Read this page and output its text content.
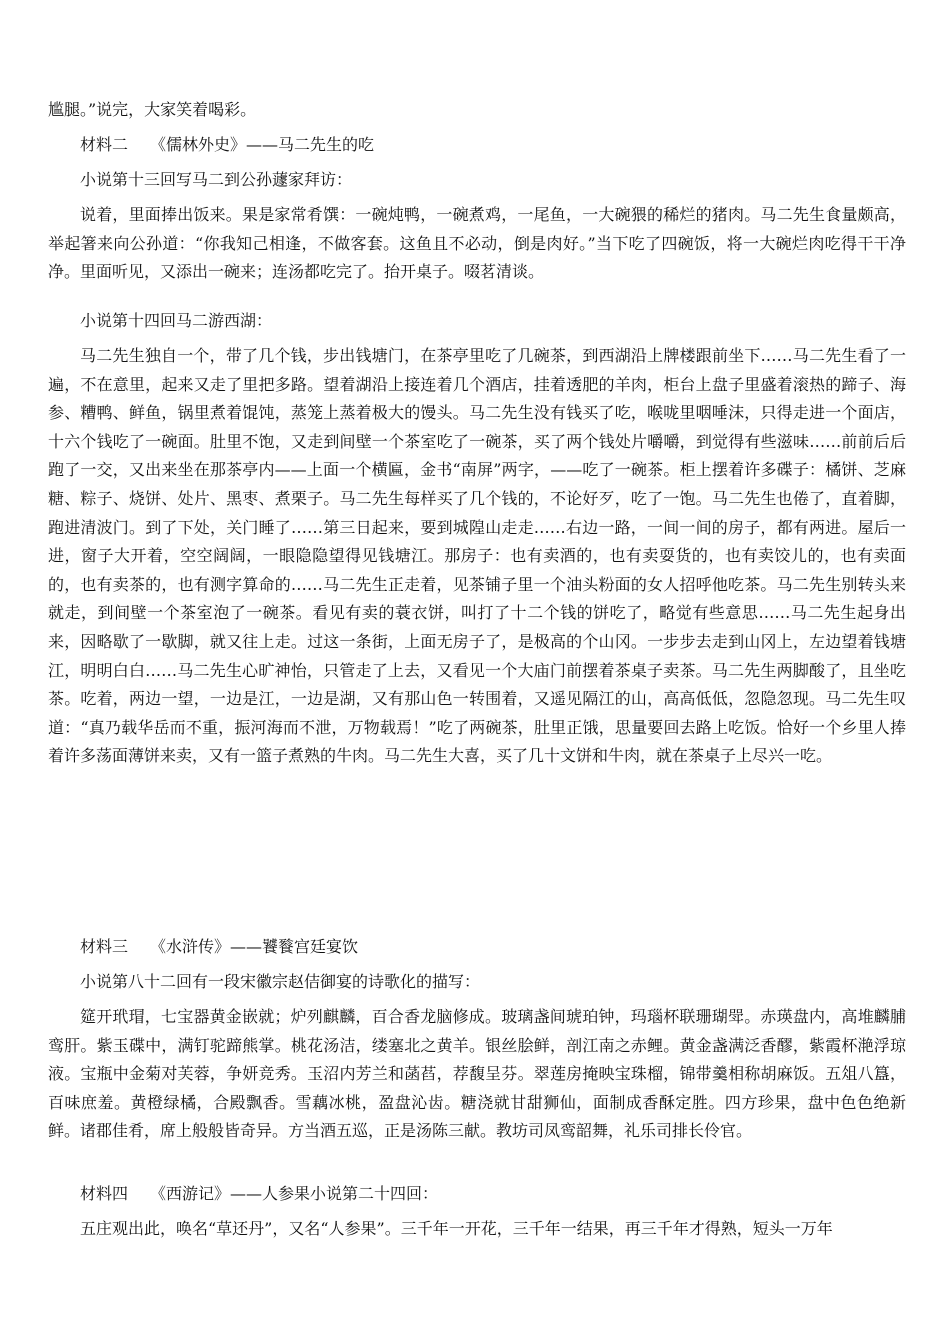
尴腿。”说完，大家笑着喝彩。

材料二 《儒林外史》——马二先生的吃

小说第十三回写马二到公孙蘧家拜访：

说着，里面捧出饭来。果是家常肴馔：一碗炖鸭，一碗煮鸡，一尾鱼，一大碗猥的稀烂的猪肉。马二先生食量颇高，举起箸来向公孙道：“你我知己相逢，不做客套。这鱼且不必动，倒是肉好。”当下吃了四碗饭，将一大碗烂肉吃得干干净净。里面听见，又添出一碗来；连汤都吃完了。抬开桌子。啜茗清谈。

小说第十四回马二游西湖：

马二先生独自一个，带了几个钱，步出钱塘门，在茶亭里吃了几碗茶，到西湖沿上牌楼跟前坐下……马二先生看了一遍，不在意里，起来又走了里把多路。望着湖沿上接连着几个酒店，挂着透肥的羊肉，柜台上盘子里盛着滚热的蹄子、海参、糟鸭、鲜鱼，锅里煮着馄饨，蒸笼上蒸着极大的馒头。马二先生没有钱买了吃，喉咙里咽唾沫，只得走进一个面店，十六个钱吃了一碗面。肚里不饱，又走到间壁一个茶室吃了一碗茶，买了两个钱处片嚼嚼，到觉得有些滋味……前前后后跑了一交，又出来坐在那茶亭内——上面一个横匾，金书“南屏”两字，——吃了一碗茶。柜上摆着许多碟子：橘饼、芝麻糖、粽子、烧饼、处片、黑枣、煮栗子。马二先生每样买了几个钱的，不论好歹，吃了一饱。马二先生也倦了，直着脚，跑进清波门。到了下处，关门睡了……第三日起来，要到城隍山走走……右边一路，一间一间的房子，都有两进。屋后一进，窗子大开着，空空阔阔，一眼隐隐望得见钱塘江。那房子：也有卖酒的，也有卖耍货的，也有卖饺儿的，也有卖面的，也有卖茶的，也有测字算命的……马二先生正走着，见茶铺子里一个油头粉面的女人招呼他吃茶。马二先生别转头来就走，到间壁一个茶室泡了一碗茶。看见有卖的蓑衣饼，叫打了十二个钱的饼吃了，略觉有些意思……马二先生起身出来，因略歇了一歇脚，就又往上走。过这一条街，上面无房子了，是极高的个山冈。一步步去走到山冈上，左边望着钱塘江，明明白白……马二先生心旷神怡，只管走了上去，又看见一个大庙门前摆着茶桌子卖茶。马二先生两脚酸了，且坐吃茶。吃着，两边一望，一边是江，一边是湖，又有那山色一转围着，又遥见隔江的山，高高低低，忽隐忽现。马二先生叹道：“真乃载华岳而不重，振河海而不泄，万物载焉！”吃了两碗茶，肚里正饿，思量要回去路上吃饭。恰好一个乡里人捧着许多荡面薄饼来卖，又有一篮子煮熟的牛肉。马二先生大喜，买了几十文饼和牛肉，就在茶桌子上尽兴一吃。

材料三 《水浒传》——饕餮宫廷宴饮

小说第八十二回有一段宋徽宗赵佶御宴的诗歌化的描写：

筵开玳瑁，七宝器黄金嵌就；炉列麒麟，百合香龙脑修成。玻璃盏间琥珀钟，玛瑙杯联珊瑚斝。赤瑛盘内，高堆麟脯鸾肝。紫玉碟中，满钉驼蹄熊掌。桃花汤洁，缕塞北之黄羊。银丝脍鲜，剖江南之赤鲤。黄金盏满泛香醪，紫霞杯滟浮琼液。宝瓶中金菊对芙蓉，争妍竞秀。玉沼内芳兰和菡萏，荐馥呈芬。翠莲房掩映宝珠榴，锦带羹相称胡麻饭。五俎八簋，百味庶羞。黄橙绿橘，合殿飘香。雪藕冰桃，盈盘沁齿。糖浇就甘甜狮仙，面制成香酥定胜。四方珍果，盘中色色绝新鲜。诸郡佳肴，席上般般皆奇异。方当酒五巡，正是汤陈三献。教坊司凤鸾韶舞，礼乐司排长伶官。

材料四 《西游记》——人参果小说第二十四回：

五庄观出此，唤名“草还丹”，又名“人参果”。三千年一开花，三千年一结果，再三千年才得熟，短头一万年
